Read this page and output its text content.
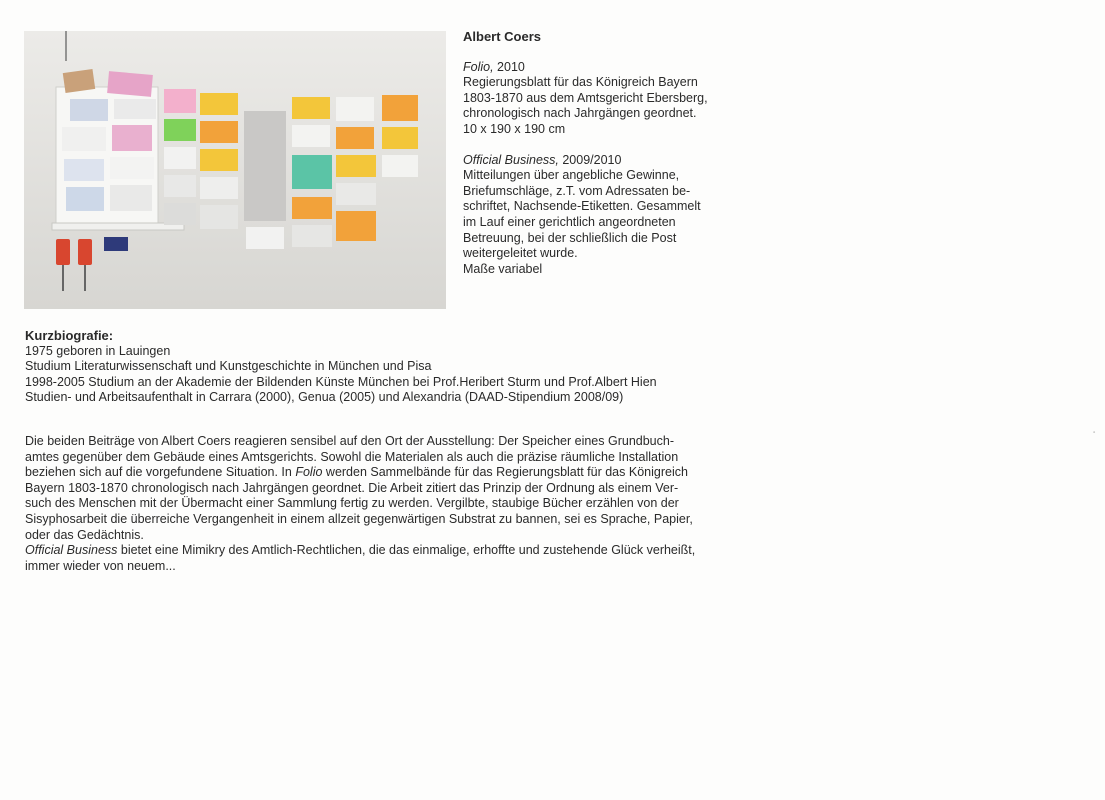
Albert Coers

Folio, 2010

Regierungsblatt für das Königreich Bayern

1803-1870 aus dem Amtsgericht Ebersberg,

chronologisch nach Jahrgängen geordnet.

10 x 190 x 190 cm

Official Business, 2009/2010

Mitteilungen über angebliche Gewinne,

Briefumschläge, z.T. vom Adressaten be-

schriftet, Nachsende-Etiketten. Gesammelt

im Lauf einer gerichtlich angeordneten

Betreuung, bei der schließlich die Post

weitergeleitet wurde.

Maße variabel

Kurzbiografie:

1975 geboren in Lauingen

Studium Literaturwissenschaft und Kunstgeschichte in München und Pisa

1998-2005 Studium an der Akademie der Bildenden Künste München bei Prof.Heribert Sturm und Prof.Albert Hien

Studien- und Arbeitsaufenthalt in Carrara (2000), Genua (2005) und Alexandria (DAAD-Stipendium 2008/09)

Die beiden Beiträge von Albert Coers reagieren sensibel auf den Ort der Ausstellung: Der Speicher eines Grundbuch-

amtes gegenüber dem Gebäude eines Amtsgerichts. Sowohl die Materialen als auch die präzise räumliche Installation

beziehen sich auf die vorgefundene Situation. In Folio werden Sammelbände für das Regierungsblatt für das Königreich

Bayern 1803-1870 chronologisch nach Jahrgängen geordnet. Die Arbeit zitiert das Prinzip der Ordnung als einem Ver-

such des Menschen mit der Übermacht einer Sammlung fertig zu werden. Vergilbte, staubige Bücher erzählen von der

Sisyphosarbeit die überreiche Vergangenheit in einem allzeit gegenwärtigen Substrat zu bannen, sei es Sprache, Papier,

oder das Gedächtnis.

Official Business bietet eine Mimikry des Amtlich-Rechtlichen, die das einmalige, erhoffte und zustehende Glück verheißt,

immer wieder von neuem...

ﾟ
